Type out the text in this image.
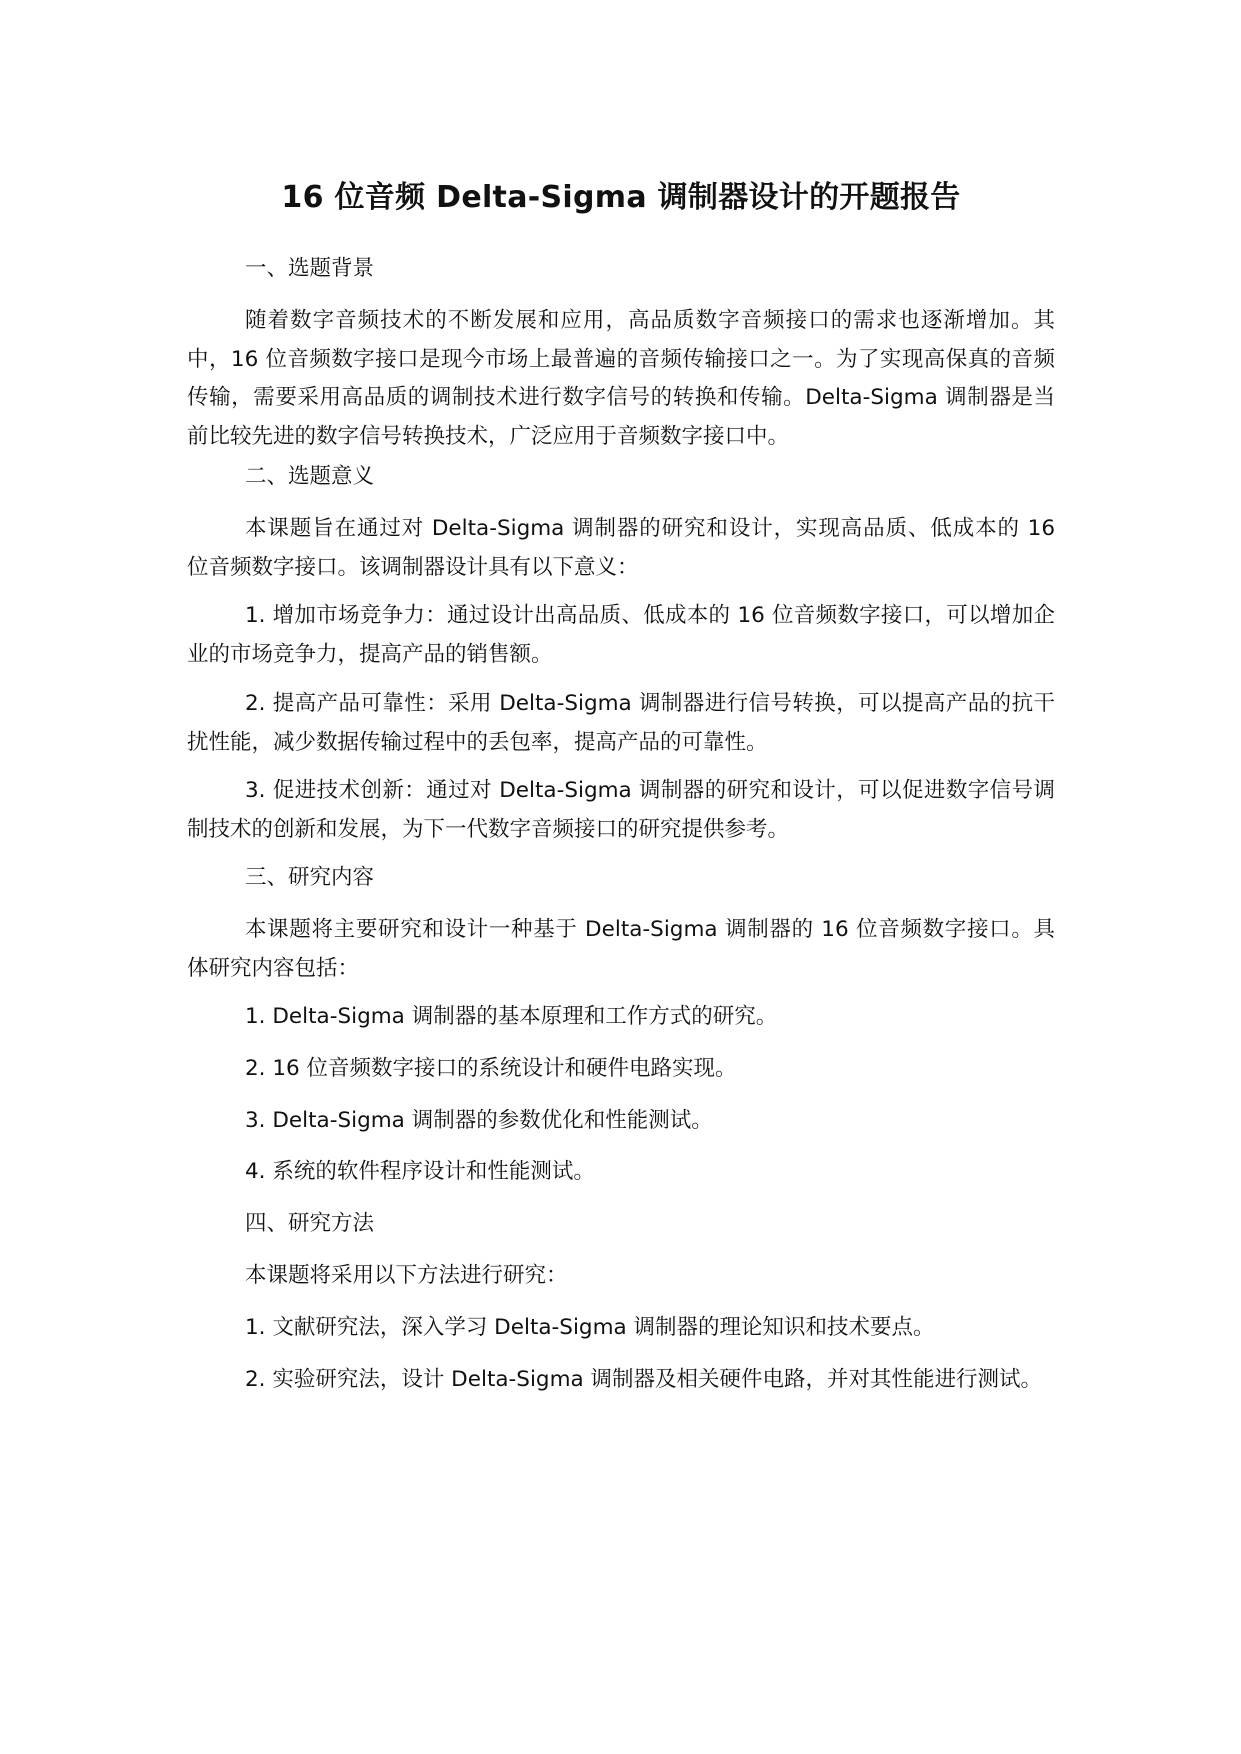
16 位音频 Delta-Sigma 调制器设计的开题报告

一、选题背景

随着数字音频技术的不断发展和应用，高品质数字音频接口的需求也逐渐增加。其中，16 位音频数字接口是现今市场上最普遍的音频传输接口之一。为了实现高保真的音频传输，需要采用高品质的调制技术进行数字信号的转换和传输。Delta-Sigma 调制器是当前比较先进的数字信号转换技术，广泛应用于音频数字接口中。

二、选题意义

本课题旨在通过对 Delta-Sigma 调制器的研究和设计，实现高品质、低成本的 16 位音频数字接口。该调制器设计具有以下意义：

1. 增加市场竞争力：通过设计出高品质、低成本的 16 位音频数字接口，可以增加企业的市场竞争力，提高产品的销售额。

2. 提高产品可靠性：采用 Delta-Sigma 调制器进行信号转换，可以提高产品的抗干扰性能，减少数据传输过程中的丢包率，提高产品的可靠性。

3. 促进技术创新：通过对 Delta-Sigma 调制器的研究和设计，可以促进数字信号调制技术的创新和发展，为下一代数字音频接口的研究提供参考。

三、研究内容

本课题将主要研究和设计一种基于 Delta-Sigma 调制器的 16 位音频数字接口。具体研究内容包括：

1. Delta-Sigma 调制器的基本原理和工作方式的研究。

2. 16 位音频数字接口的系统设计和硬件电路实现。

3. Delta-Sigma 调制器的参数优化和性能测试。

4. 系统的软件程序设计和性能测试。

四、研究方法

本课题将采用以下方法进行研究：

1. 文献研究法，深入学习 Delta-Sigma 调制器的理论知识和技术要点。

2. 实验研究法，设计 Delta-Sigma 调制器及相关硬件电路，并对其性能进行测试。
